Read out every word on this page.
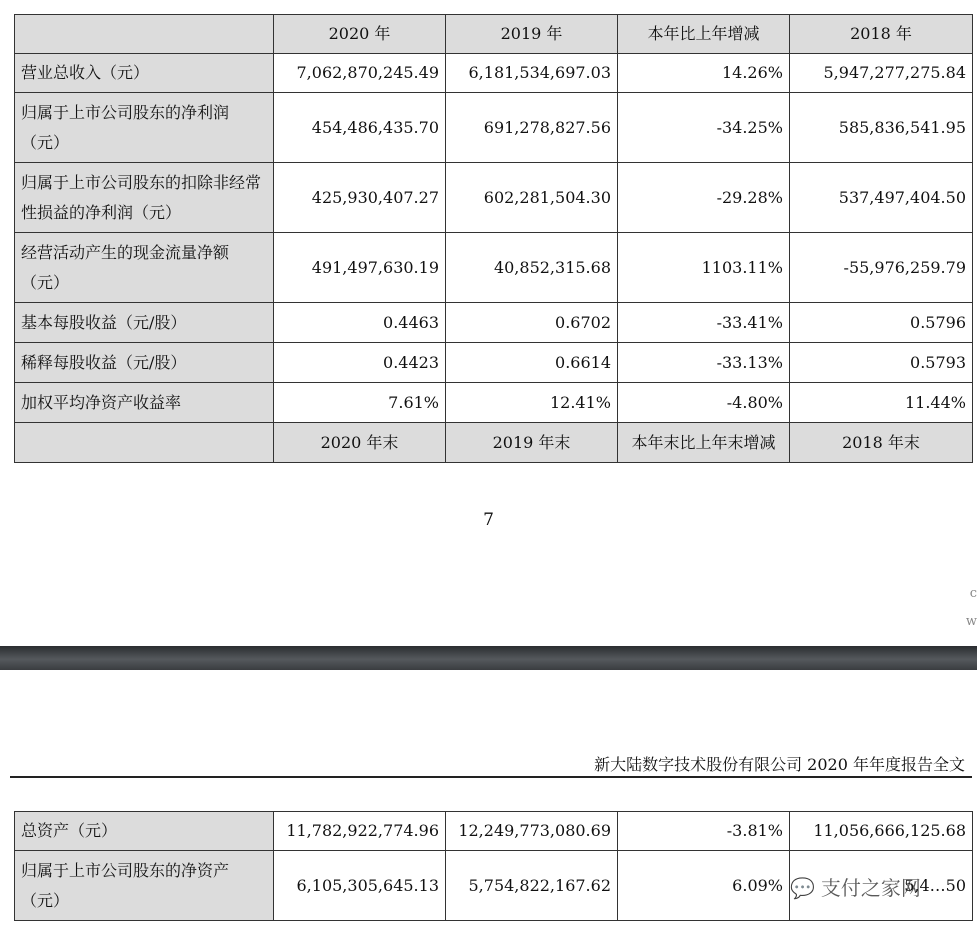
	2020 年	2019 年	本年比上年增减	2018 年
营业总收入（元）	7,062,870,245.49	6,181,534,697.03	14.26%	5,947,277,275.84
归属于上市公司股东的净利润（元）	454,486,435.70	691,278,827.56	-34.25%	585,836,541.95
归属于上市公司股东的扣除非经常性损益的净利润（元）	425,930,407.27	602,281,504.30	-29.28%	537,497,404.50
经营活动产生的现金流量净额（元）	491,497,630.19	40,852,315.68	1103.11%	-55,976,259.79
基本每股收益（元/股）	0.4463	0.6702	-33.41%	0.5796
稀释每股收益（元/股）	0.4423	0.6614	-33.13%	0.5793
加权平均净资产收益率	7.61%	12.41%	-4.80%	11.44%
	2020 年末	2019 年末	本年末比上年末增减	2018 年末
7
c
w
新大陆数字技术股份有限公司 2020 年年度报告全文
总资产（元）	11,782,922,774.96	12,249,773,080.69	-3.81%	11,056,666,125.68
归属于上市公司股东的净资产（元）	6,105,305,645.13	5,754,822,167.62	6.09%	5,4…50
💬 支付之家网
